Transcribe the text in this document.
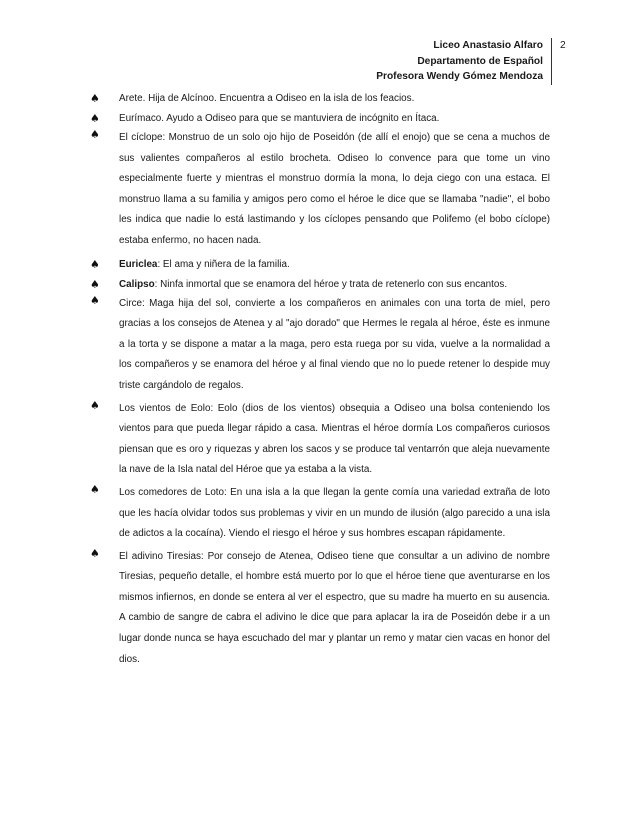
Liceo Anastasio Alfaro
Departamento de Español
Profesora Wendy Gómez Mendoza
2
♠ Arete. Hija de Alcínoo. Encuentra a Odiseo en la isla de los feacios.
♠ Eurímaco. Ayudo a Odiseo para que se mantuviera de incógnito en Ítaca.
♠ El cíclope: Monstruo de un solo ojo hijo de Poseidón (de allí el enojo) que se cena a muchos de sus valientes compañeros al estilo brocheta. Odiseo lo convence para que tome un vino especialmente fuerte y mientras el monstruo dormía la mona, lo deja ciego con una estaca. El monstruo llama a su familia y amigos pero como el héroe le dice que se llamaba "nadie", el bobo les indica que nadie lo está lastimando y los cíclopes pensando que Polifemo (el bobo cíclope) estaba enfermo, no hacen nada.
♠ Euriclea: El ama y niñera de la familia.
♠ Calipso: Ninfa inmortal que se enamora del héroe y trata de retenerlo con sus encantos.
♠ Circe: Maga hija del sol, convierte a los compañeros en animales con una torta de miel, pero gracias a los consejos de Atenea y al "ajo dorado" que Hermes le regala al héroe, éste es inmune a la torta y se dispone a matar a la maga, pero esta ruega por su vida, vuelve a la normalidad a los compañeros y se enamora del héroe y al final viendo que no lo puede retener lo despide muy triste cargándolo de regalos.
♠ Los vientos de Eolo: Eolo (dios de los vientos) obsequia a Odiseo una bolsa conteniendo los vientos para que pueda llegar rápido a casa. Mientras el héroe dormía Los compañeros curiosos piensan que es oro y riquezas y abren los sacos y se produce tal ventarrón que aleja nuevamente la nave de la Isla natal del Héroe que ya estaba a la vista.
♠ Los comedores de Loto: En una isla a la que llegan la gente comía una variedad extraña de loto que les hacía olvidar todos sus problemas y vivir en un mundo de ilusión (algo parecido a una isla de adictos a la cocaína). Viendo el riesgo el héroe y sus hombres escapan rápidamente.
♠ El adivino Tiresias: Por consejo de Atenea, Odiseo tiene que consultar a un adivino de nombre Tiresias, pequeño detalle, el hombre está muerto por lo que el héroe tiene que aventurarse en los mismos infiernos, en donde se entera al ver el espectro, que su madre ha muerto en su ausencia. A cambio de sangre de cabra el adivino le dice que para aplacar la ira de Poseidón debe ir a un lugar donde nunca se haya escuchado del mar y plantar un remo y matar cien vacas en honor del dios.
